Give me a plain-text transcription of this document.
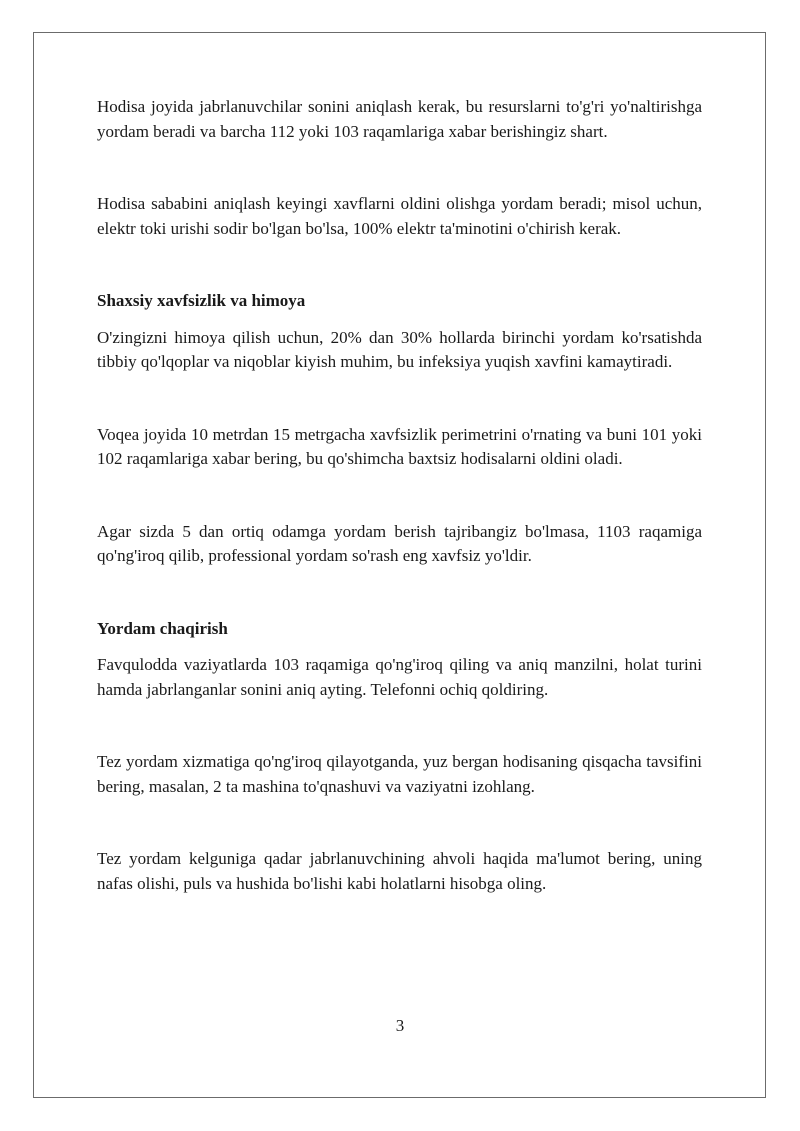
Hodisa joyida jabrlanuvchilar sonini aniqlash kerak, bu resurslarni to'g'ri yo'naltirishga yordam beradi va barcha 112 yoki 103 raqamlariga xabar berishingiz shart.

Hodisa sababini aniqlash keyingi xavflarni oldini olishga yordam beradi; misol uchun, elektr toki urishi sodir bo'lgan bo'lsa, 100% elektr ta'minotini o'chirish kerak.

Shaxsiy xavfsizlik va himoya

O'zingizni himoya qilish uchun, 20% dan 30% hollarda birinchi yordam ko'rsatishda tibbiy qo'lqoplar va niqoblar kiyish muhim, bu infeksiya yuqish xavfini kamaytiradi.

Voqea joyida 10 metrdan 15 metrgacha xavfsizlik perimetrini o'rnating va buni 101 yoki 102 raqamlariga xabar bering, bu qo'shimcha baxtsiz hodisalarni oldini oladi.

Agar sizda 5 dan ortiq odamga yordam berish tajribangiz bo'lmasa, 1103 raqamiga qo'ng'iroq qilib, professional yordam so'rash eng xavfsiz yo'ldir.

Yordam chaqirish

Favqulodda vaziyatlarda 103 raqamiga qo'ng'iroq qiling va aniq manzilni, holat turini hamda jabrlanganlar sonini aniq ayting. Telefonni ochiq qoldiring.

Tez yordam xizmatiga qo'ng'iroq qilayotganda, yuz bergan hodisaning qisqacha tavsifini bering, masalan, 2 ta mashina to'qnashuvi va vaziyatni izohlang.

Tez yordam kelguniga qadar jabrlanuvchining ahvoli haqida ma'lumot bering, uning nafas olishi, puls va hushida bo'lishi kabi holatlarni hisobga oling.

3
